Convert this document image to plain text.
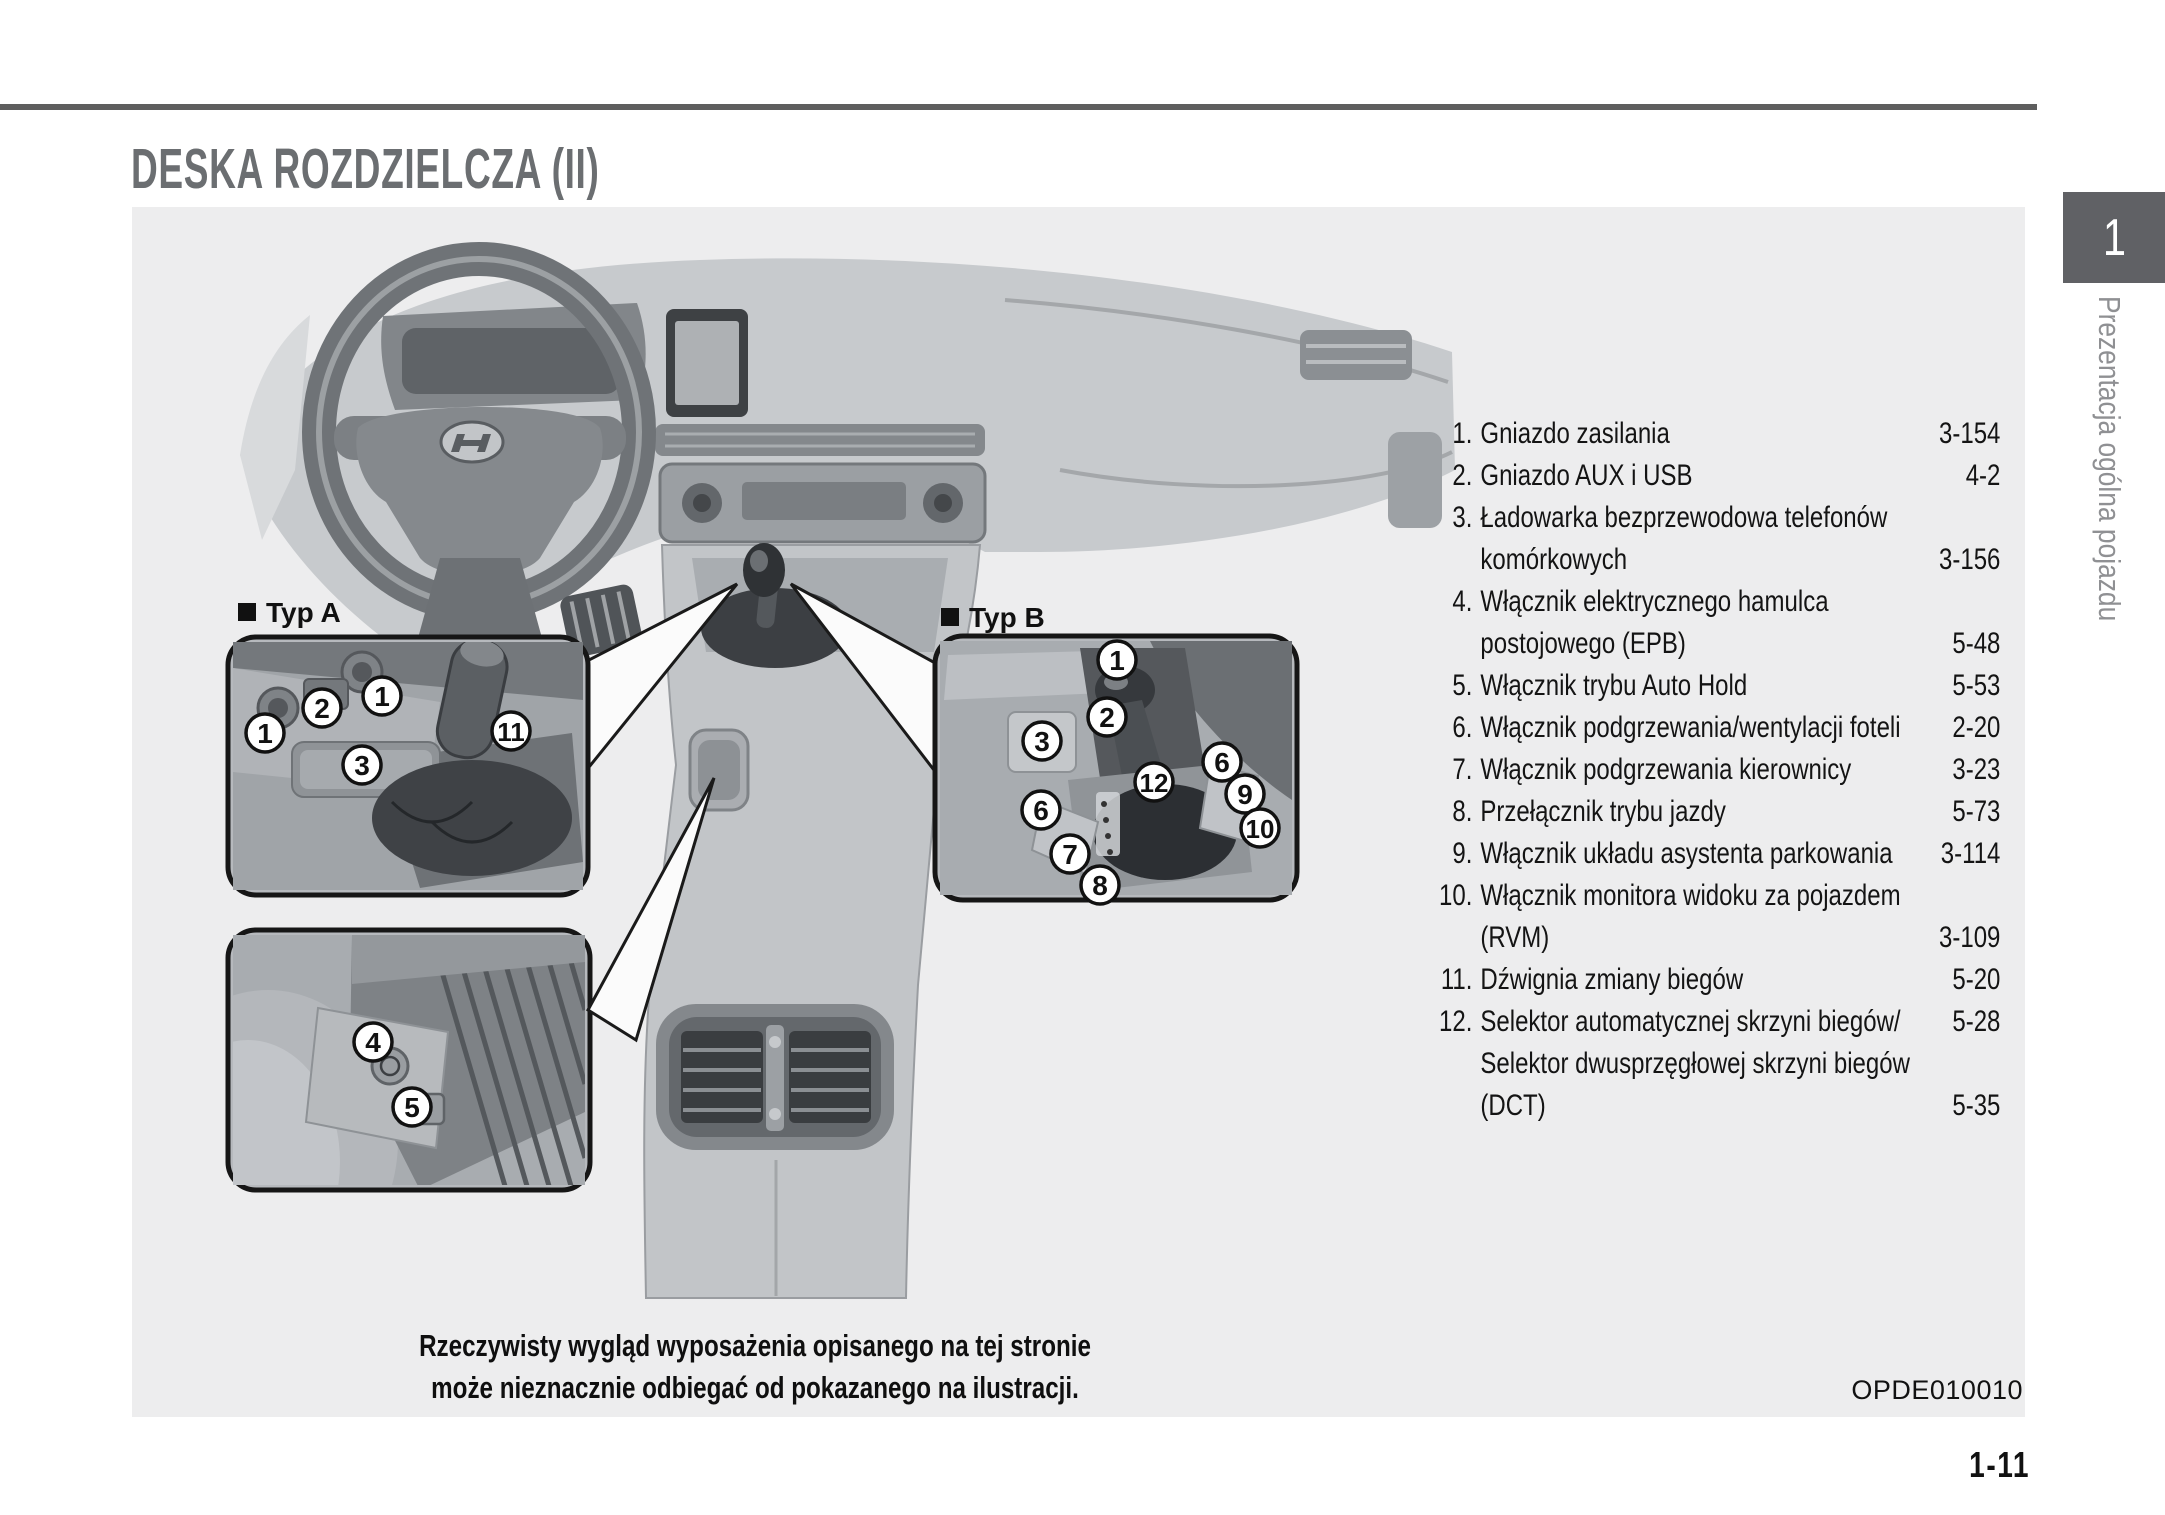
DESKA ROZDZIELCZA (II)
Typ A
1
2 1
3
11
Typ B
1
2
3
6
9
10
12
6
7
8
4
5
1. Gniazdo zasilania	3-154
2. Gniazdo AUX i USB	4-2
3. Ładowarka bezprzewodowa telefonów
komórkowych	3-156
4. Włącznik elektrycznego hamulca
postojowego (EPB)	5-48
5. Włącznik trybu Auto Hold	5-53
6. Włącznik podgrzewania/wentylacji foteli	2-20
7. Włącznik podgrzewania kierownicy	3-23
8. Przełącznik trybu jazdy	5-73
9. Włącznik układu asystenta parkowania	3-114
10. Włącznik monitora widoku za pojazdem
(RVM)	3-109
11. Dźwignia zmiany biegów	5-20
12. Selektor automatycznej skrzyni biegów/	5-28
Selektor dwusprzęgłowej skrzyni biegów
(DCT)	5-35
Rzeczywisty wygląd wyposażenia opisanego na tej stronie
może nieznacznie odbiegać od pokazanego na ilustracji.	OPDE010010
1
Prezentacja ogólna pojazdu
1-11
